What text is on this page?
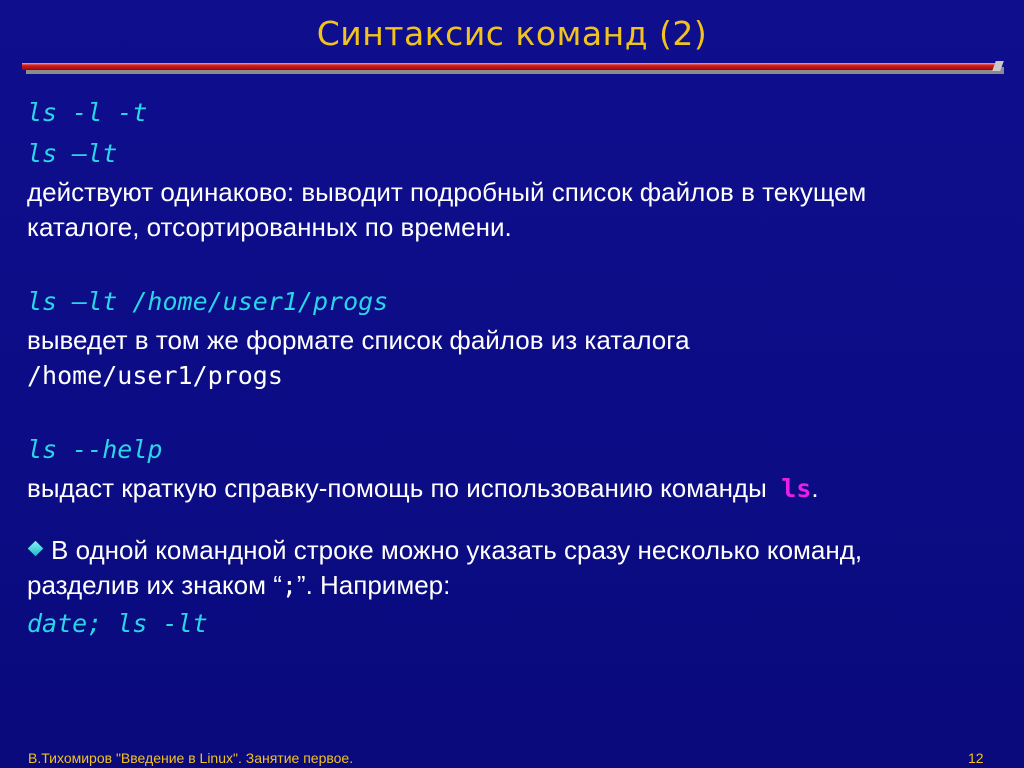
Синтаксис команд (2)
ls -l -t
ls –lt
действуют одинаково: выводит подробный список файлов в текущем
каталоге, отсортированных по времени.
ls –lt /home/user1/progs
выведет в том же формате список файлов из каталога
/home/user1/progs
ls --help
выдаст краткую справку-помощь по использованию команды ls.
В одной командной строке можно указать сразу несколько команд,
разделив их знаком “;”. Например:
date; ls -lt
В.Тихомиров "Введение в Linux". Занятие первое.	12
